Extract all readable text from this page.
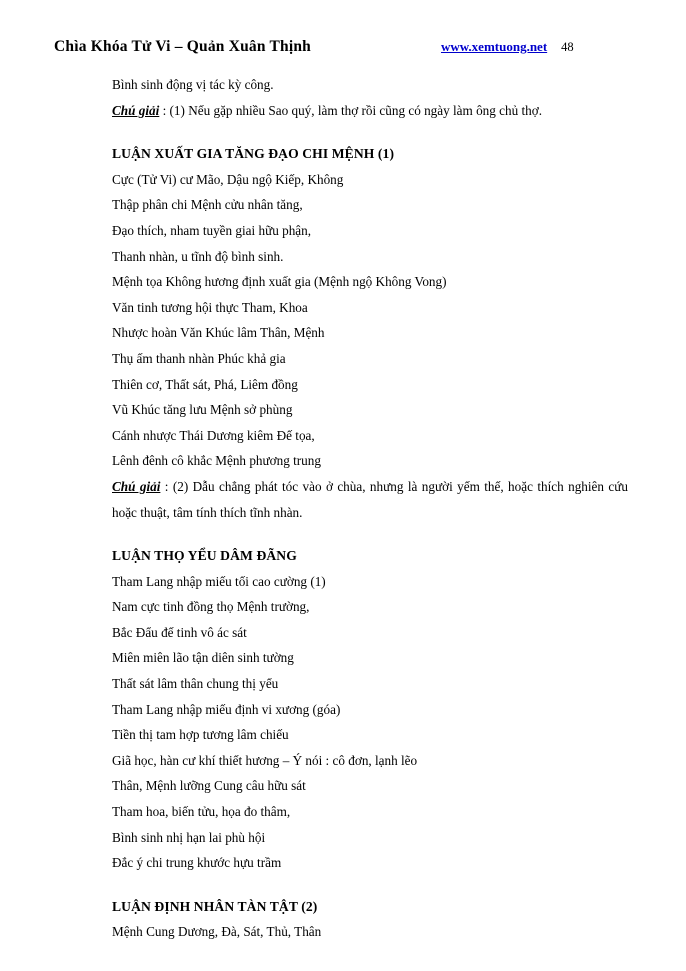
Chìa Khóa Tử Vi – Quản Xuân Thịnh	www.xemtuong.net 48
Bình sinh động vị tác kỳ công.
Chú giải : (1) Nếu gặp nhiều Sao quý, làm thợ rồi cũng có ngày làm ông chủ thợ.
LUẬN XUẤT GIA TĂNG ĐẠO CHI MỆNH (1)
Cực (Tử Vi) cư Mão, Dậu ngộ Kiếp, Không
Thập phân chi Mệnh cửu nhân tăng,
Đạo thích, nham tuyền giai hữu phận,
Thanh nhàn, u tĩnh độ bình sinh.
Mệnh tọa Không hương định xuất gia (Mệnh ngộ Không Vong)
Văn tinh tương hội thực Tham, Khoa
Nhược hoàn Văn Khúc lâm Thân, Mệnh
Thụ ấm thanh nhàn Phúc khả gia
Thiên cơ, Thất sát, Phá, Liêm đồng
Vũ Khúc tăng lưu Mệnh sở phùng
Cánh nhược Thái Dương kiêm Đế tọa,
Lênh đênh cô khắc Mệnh phương trung
Chú giải : (2) Dẫu chẳng phát tóc vào ở chùa, nhưng là người yếm thế, hoặc thích nghiên cứu hoặc thuật, tâm tính thích tĩnh nhàn.
LUẬN THỌ YỂU DÂM ĐÃNG
Tham Lang nhập miếu tối cao cường (1)
Nam cực tinh đồng thọ Mệnh trường,
Bắc Đẩu đế tinh vô ác sát
Miên miên lão tận diên sinh tường
Thất sát lâm thân chung thị yểu
Tham Lang nhập miếu định vi xương (góa)
Tiền thị tam hợp tương lâm chiếu
Giã học, hàn cư khí thiết hương – Ý nói : cô đơn, lạnh lẽo
Thân, Mệnh lưỡng Cung câu hữu sát
Tham hoa, biến tửu, họa đo thâm,
Bình sinh nhị hạn lai phù hội
Đắc ý chi trung khước hựu trầm
LUẬN ĐỊNH NHÂN TÀN TẬT (2)
Mệnh Cung Dương, Đà, Sát, Thủ, Thân
